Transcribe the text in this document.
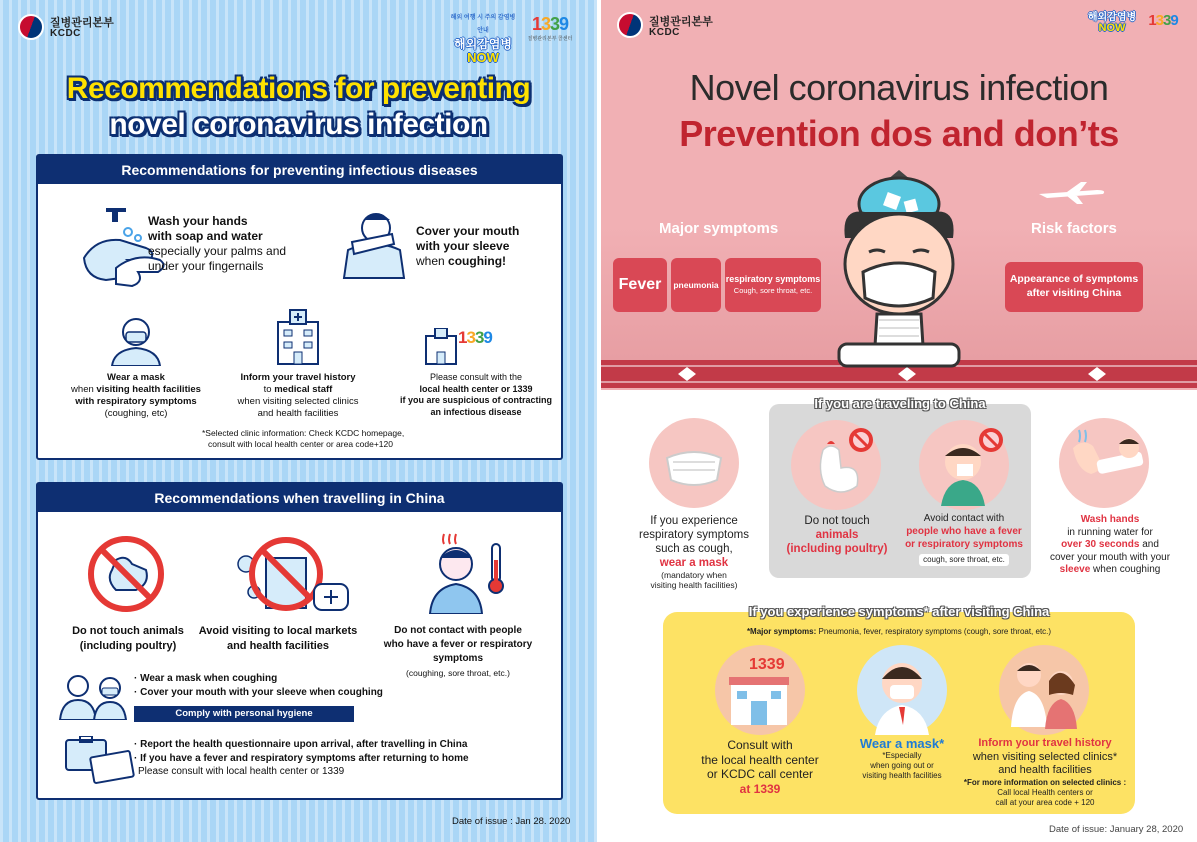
질병관리본부
KCDC
해외 여행 시 주의 감염병 안내
해외감염병
NOW
1339
질병관리본부 콜센터
Recommendations for preventing
novel coronavirus infection
Recommendations for preventing infectious diseases
Wash your hands
with soap and water
especially your palms and
under your fingernails
Cover your mouth
with your sleeve
when coughing!
Wear a mask
when visiting health facilities
with respiratory symptoms
(coughing, etc)
Inform your travel history
to medical staff
when visiting selected clinics
and health facilities
1339
Please consult with the
local health center or 1339
if you are suspicious of contracting
an infectious disease
*Selected clinic information: Check KCDC homepage,
consult with local health center or area code+120
Recommendations when travelling in China
Do not touch animals
(including poultry)
Avoid visiting to local markets
and health facilities
Do not contact with people
who have a fever or respiratory symptoms
(coughing, sore throat, etc.)
· Wear a mask when coughing
· Cover your mouth with your sleeve when coughing
Comply with personal hygiene recommendations
· Report the health questionnaire upon arrival, after travelling in China
· If you have a fever and respiratory symptoms after returning to home
Please consult with local health center or 1339
Date of issue : Jan 28. 2020
질병관리본부
KCDC
해외감염병
NOW	1339
Novel coronavirus infection
Prevention dos and don’ts
Major symptoms	Risk factors
Fever	pneumonia
respiratory symptoms
Cough, sore throat, etc.
Appearance of symptoms
after visiting China
If you are traveling to China
If you experience
respiratory symptoms
such as cough,
wear a mask
(mandatory when
visiting health facilities)
Do not touch
animals
(including poultry)
Avoid contact with
people who have a fever
or respiratory symptoms
cough, sore throat, etc.
Wash hands
in running water for
over 30 seconds and
cover your mouth with your
sleeve when coughing
If you experience symptoms* after visiting China
*Major symptoms: Pneumonia, fever, respiratory symptoms (cough, sore throat, etc.)
1339
Consult with
the local health center
or KCDC call center
at 1339
Wear a mask*
*Especially
when going out or
visiting health facilities
Inform your travel history
when visiting selected clinics*
and health facilities
*For more information on selected clinics :
Call local Health centers or
call at your area code + 120
Date of issue: January 28, 2020
